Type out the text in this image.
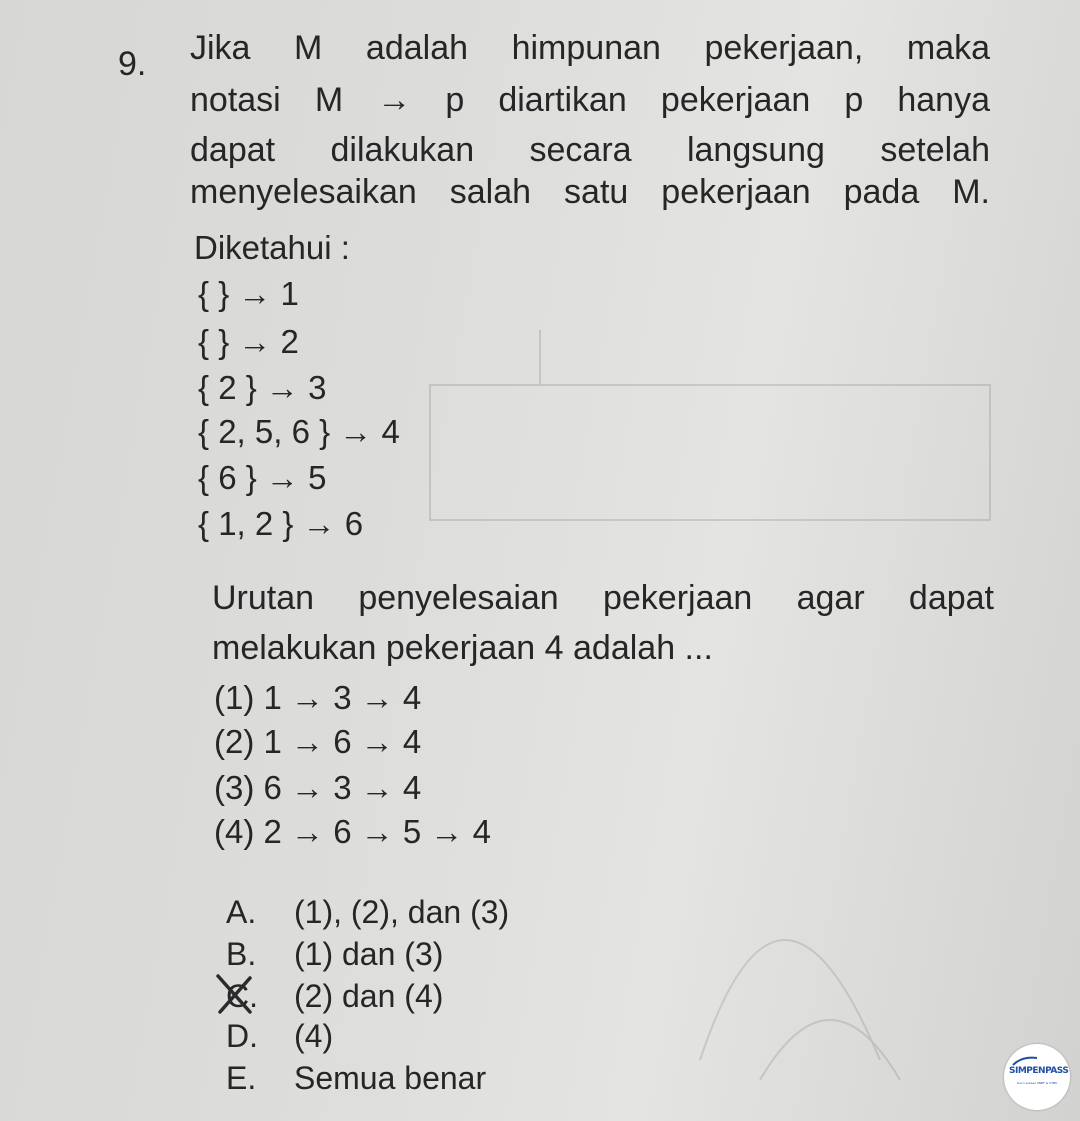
9. Jika M adalah himpunan pekerjaan, maka
notasi M → p diartikan pekerjaan p hanya
dapat dilakukan secara langsung setelah
menyelesaikan salah satu pekerjaan pada M.
Diketahui :
{ } → 1
{ } → 2
{ 2 } → 3
{ 2, 5, 6 } → 4
{ 6 } → 5
{ 1, 2 } → 6
Urutan penyelesaian pekerjaan agar dapat
melakukan pekerjaan 4 adalah ...
(1) 1 → 3 → 4
(2) 1 → 6 → 4
(3) 6 → 3 → 4
(4) 2 → 6 → 5 → 4
A. (1), (2), dan (3)
B. (1) dan (3)
C. (2) dan (4)
D. (4)
E. Semua benar	SIMPENPASS
kunci sukses SNBT & UTBK
